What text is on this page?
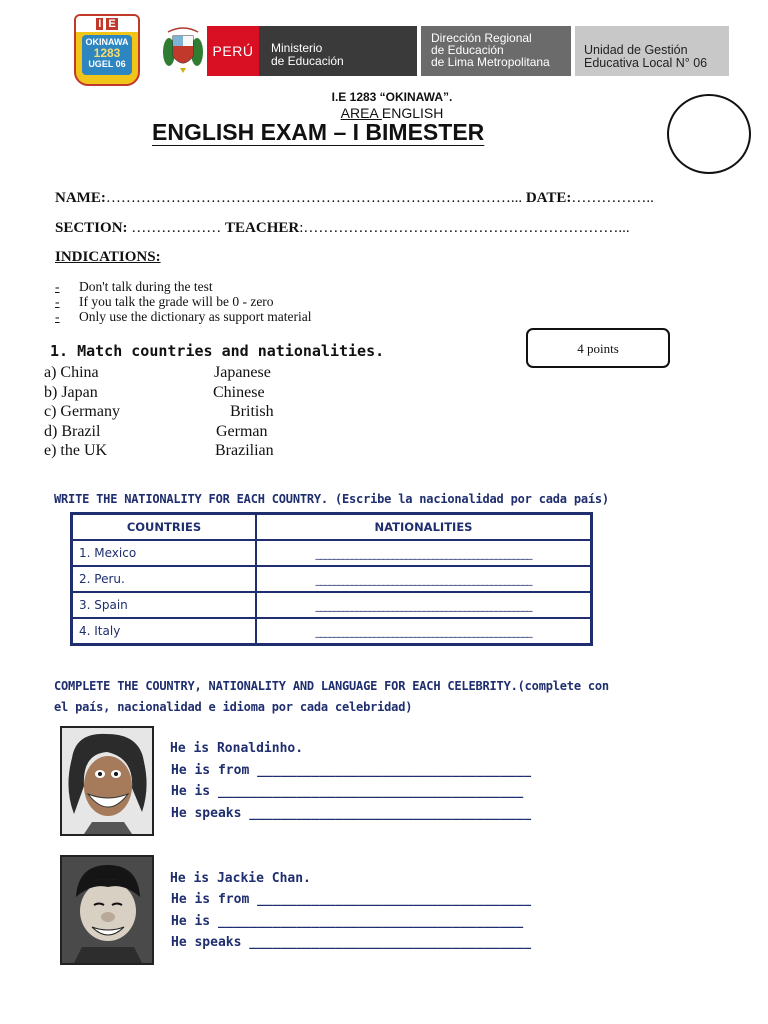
I E
OKINAWA
1283
UGEL 06
PERÚ	Ministerio
de Educación
Dirección Regional
de Educación
de Lima Metropolitana
Unidad de Gestión
Educativa Local N° 06
I.E 1283 “OKINAWA”.
AREA ENGLISH
ENGLISH EXAM – I BIMESTER
NAME:………………………………………………………………………... DATE:……………..
SECTION: ……………… TEACHER:………………………………………………………...
INDICATIONS:
- Don't talk during the test
- If you talk the grade will be 0 - zero
- Only use the dictionary as support material
1. Match countries and nationalities.	4 points
a) China
b) Japan
c) Germany
d) Brazil
e) the UK
Japanese
Chinese
British
German
Brazilian
WRITE THE NATIONALITY FOR EACH COUNTRY. (Escribe la nacionalidad por cada país)
COUNTRIES	NATIONALITIES
1. Mexico	________________________________________________
2. Peru.	________________________________________________
3. Spain	________________________________________________
4. Italy	________________________________________________
COMPLETE THE COUNTRY, NATIONALITY AND LANGUAGE FOR EACH CELEBRITY.(complete con
el país, nacionalidad e idioma por cada celebridad)
He is Ronaldinho.
He is from ___________________________________
He is _______________________________________
He speaks ____________________________________
He is Jackie Chan.
He is from ___________________________________
He is _______________________________________
He speaks ____________________________________
